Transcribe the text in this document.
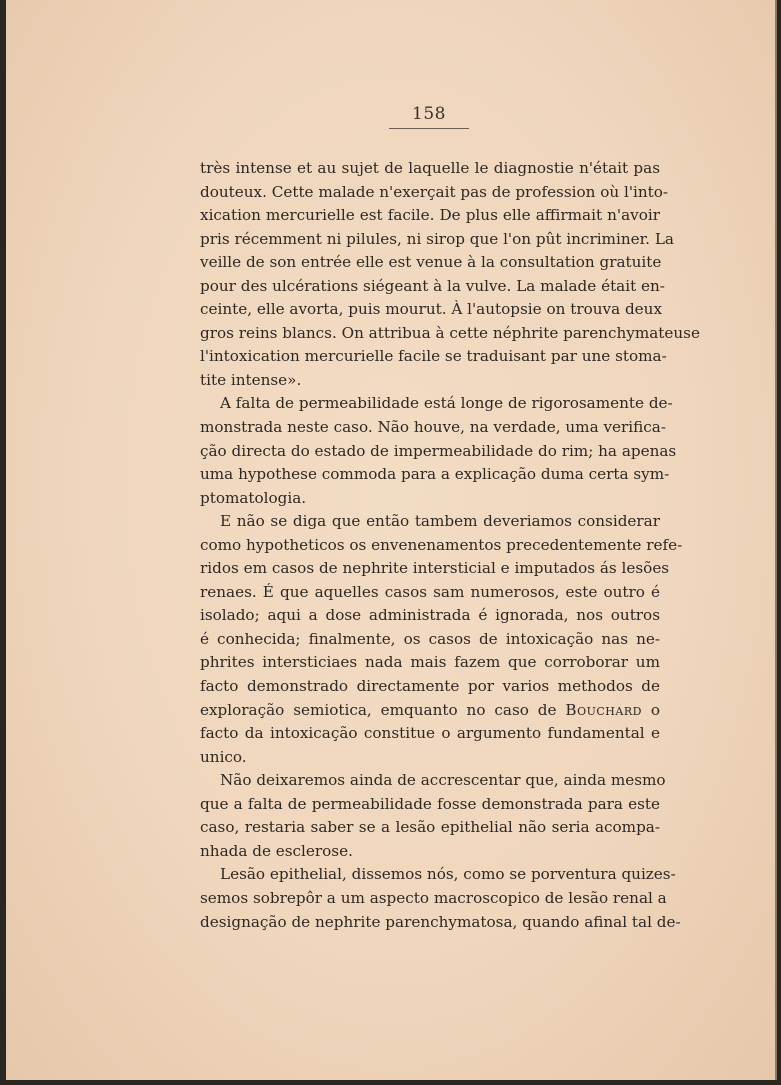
158
très intense et au sujet de laquelle le diagnostie n'était pas
douteux. Cette malade n'exerçait pas de profession où l'into-
xication mercurielle est facile. De plus elle affirmait n'avoir
pris récemment ni pilules, ni sirop que l'on pût incriminer. La
veille de son entrée elle est venue à la consultation gratuite
pour des ulcérations siégeant à la vulve. La malade était en-
ceinte, elle avorta, puis mourut. À l'autopsie on trouva deux
gros reins blancs. On attribua à cette néphrite parenchymateuse
l'intoxication mercurielle facile se traduisant par une stoma-
tite intense».
A falta de permeabilidade está longe de rigorosamente de-
monstrada neste caso. Não houve, na verdade, uma verifica-
ção directa do estado de impermeabilidade do rim; ha apenas
uma hypothese commoda para a explicação duma certa sym-
ptomatologia.
E não se diga que então tambem deveriamos considerar
como hypotheticos os envenenamentos precedentemente refe-
ridos em casos de nephrite intersticial e imputados ás lesões
renaes. É que aquelles casos sam numerosos, este outro é
isolado; aqui a dose administrada é ignorada, nos outros
é conhecida; finalmente, os casos de intoxicação nas ne-
phrites intersticiaes nada mais fazem que corroborar um
facto demonstrado directamente por varios methodos de
exploração semiotica, emquanto no caso de Bouchard o
facto da intoxicação constitue o argumento fundamental e
unico.
Não deixaremos ainda de accrescentar que, ainda mesmo
que a falta de permeabilidade fosse demonstrada para este
caso, restaria saber se a lesão epithelial não seria acompa-
nhada de esclerose.
Lesão epithelial, dissemos nós, como se porventura quizes-
semos sobrepôr a um aspecto macroscopico de lesão renal a
designação de nephrite parenchymatosa, quando afinal tal de-
